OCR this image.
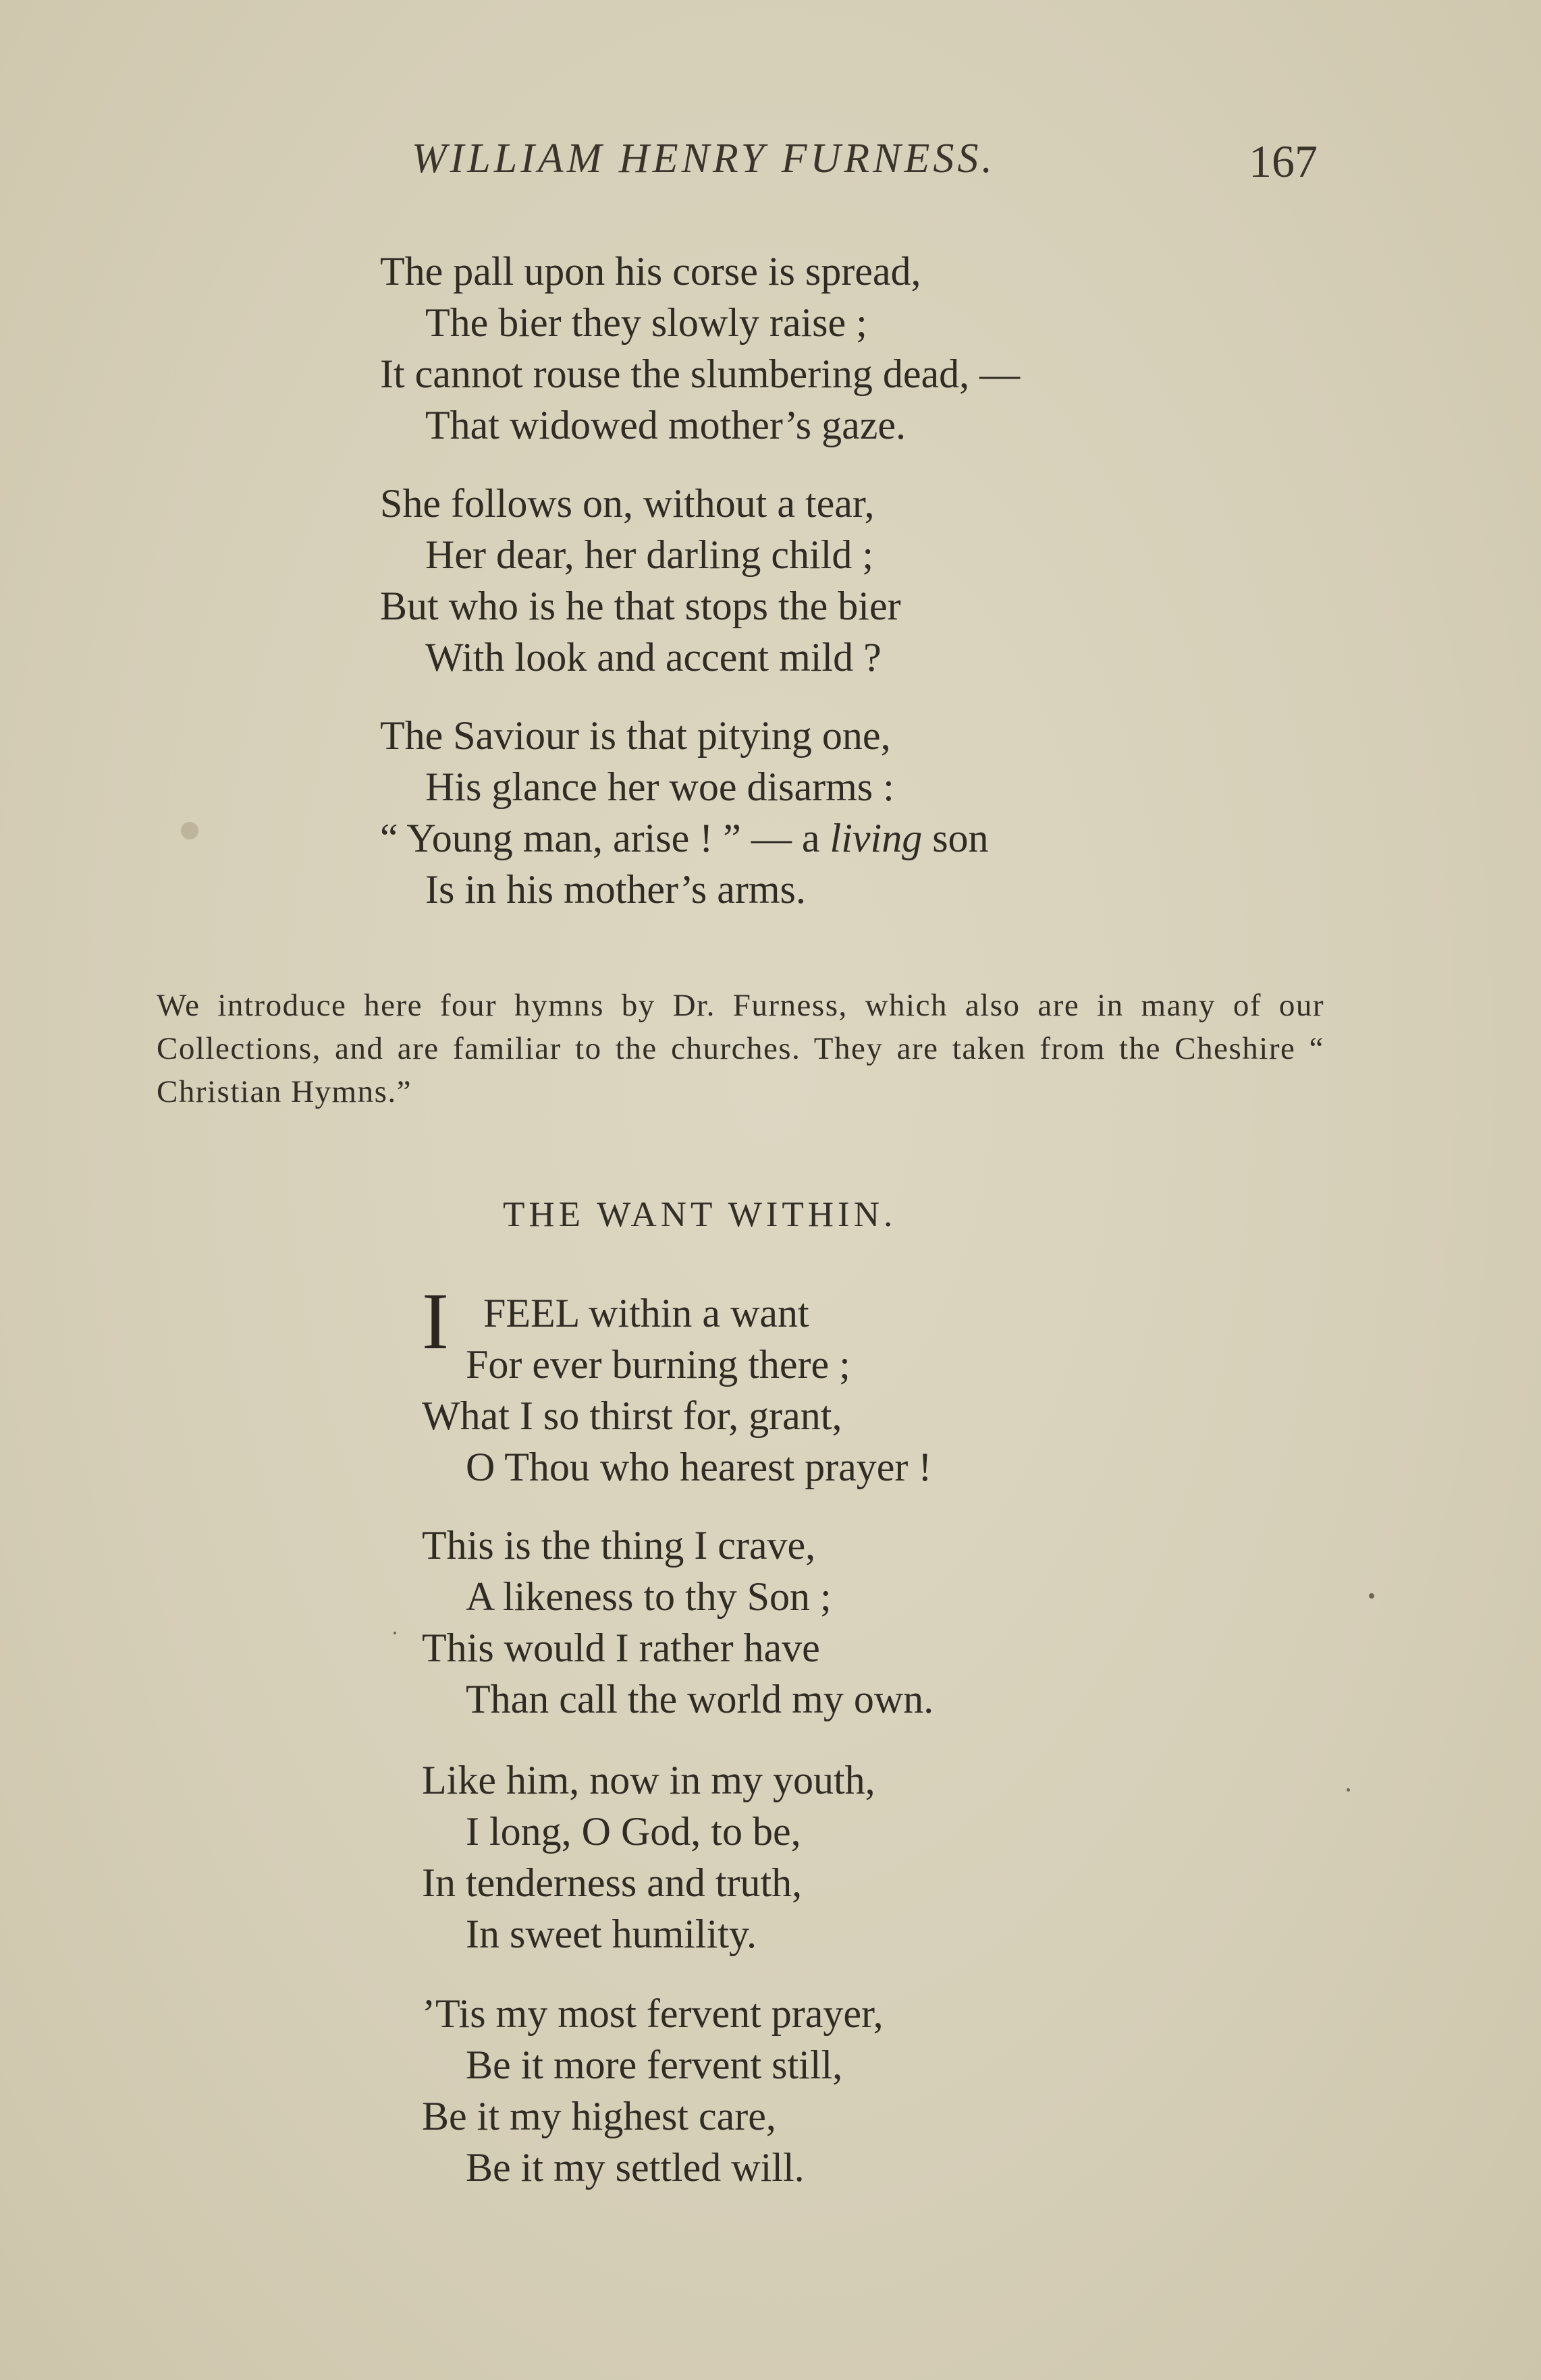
WILLIAM HENRY FURNESS.	167
The pall upon his corse is spread,
The bier they slowly raise ;
It cannot rouse the slumbering dead, —
That widowed mother’s gaze.
She follows on, without a tear,
Her dear, her darling child ;
But who is he that stops the bier
With look and accent mild ?
The Saviour is that pitying one,
His glance her woe disarms :
“ Young man, arise ! ” — a living son
Is in his mother’s arms.
We introduce here four hymns by Dr. Furness, which also are in many of our Collections, and are familiar to the churches. They are taken from the Cheshire “ Christian Hymns.”
THE WANT WITHIN.
I FEEL within a want
For ever burning there ;
What I so thirst for, grant,
O Thou who hearest prayer !
This is the thing I crave,
A likeness to thy Son ;
This would I rather have
Than call the world my own.
Like him, now in my youth,
I long, O God, to be,
In tenderness and truth,
In sweet humility.
’Tis my most fervent prayer,
Be it more fervent still,
Be it my highest care,
Be it my settled will.
